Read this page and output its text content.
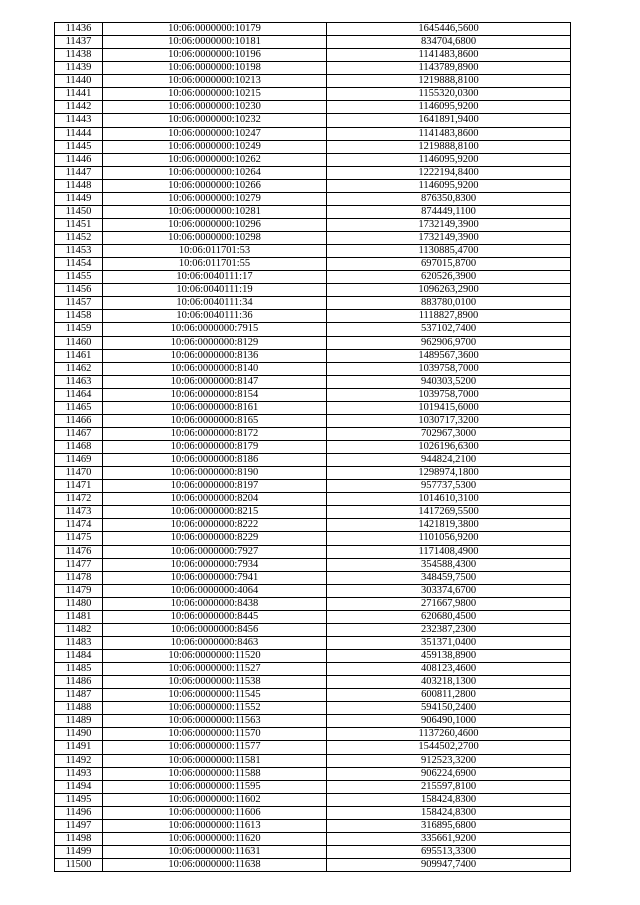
11436	10:06:0000000:10179	1645446,5600
11437	10:06:0000000:10181	834704,6800
11438	10:06:0000000:10196	1141483,8600
11439	10:06:0000000:10198	1143789,8900
11440	10:06:0000000:10213	1219888,8100
11441	10:06:0000000:10215	1155320,0300
11442	10:06:0000000:10230	1146095,9200
11443	10:06:0000000:10232	1641891,9400
11444	10:06:0000000:10247	1141483,8600
11445	10:06:0000000:10249	1219888,8100
11446	10:06:0000000:10262	1146095,9200
11447	10:06:0000000:10264	1222194,8400
11448	10:06:0000000:10266	1146095,9200
11449	10:06:0000000:10279	876350,8300
11450	10:06:0000000:10281	874449,1100
11451	10:06:0000000:10296	1732149,3900
11452	10:06:0000000:10298	1732149,3900
11453	10:06:011701:53	1130885,4700
11454	10:06:011701:55	697015,8700
11455	10:06:0040111:17	620526,3900
11456	10:06:0040111:19	1096263,2900
11457	10:06:0040111:34	883780,0100
11458	10:06:0040111:36	1118827,8900
11459	10:06:0000000:7915	537102,7400
11460	10:06:0000000:8129	962906,9700
11461	10:06:0000000:8136	1489567,3600
11462	10:06:0000000:8140	1039758,7000
11463	10:06:0000000:8147	940303,5200
11464	10:06:0000000:8154	1039758,7000
11465	10:06:0000000:8161	1019415,6000
11466	10:06:0000000:8165	1030717,3200
11467	10:06:0000000:8172	702967,3000
11468	10:06:0000000:8179	1026196,6300
11469	10:06:0000000:8186	944824,2100
11470	10:06:0000000:8190	1298974,1800
11471	10:06:0000000:8197	957737,5300
11472	10:06:0000000:8204	1014610,3100
11473	10:06:0000000:8215	1417269,5500
11474	10:06:0000000:8222	1421819,3800
11475	10:06:0000000:8229	1101056,9200
11476	10:06:0000000:7927	1171408,4900
11477	10:06:0000000:7934	354588,4300
11478	10:06:0000000:7941	348459,7500
11479	10:06:0000000:4064	303374,6700
11480	10:06:0000000:8438	271667,9800
11481	10:06:0000000:8445	620680,4500
11482	10:06:0000000:8456	232387,2300
11483	10:06:0000000:8463	351371,0400
11484	10:06:0000000:11520	459138,8900
11485	10:06:0000000:11527	408123,4600
11486	10:06:0000000:11538	403218,1300
11487	10:06:0000000:11545	600811,2800
11488	10:06:0000000:11552	594150,2400
11489	10:06:0000000:11563	906490,1000
11490	10:06:0000000:11570	1137260,4600
11491	10:06:0000000:11577	1544502,2700
11492	10:06:0000000:11581	912523,3200
11493	10:06:0000000:11588	906224,6900
11494	10:06:0000000:11595	215597,8100
11495	10:06:0000000:11602	158424,8300
11496	10:06:0000000:11606	158424,8300
11497	10:06:0000000:11613	316895,6800
11498	10:06:0000000:11620	335661,9200
11499	10:06:0000000:11631	695513,3300
11500	10:06:0000000:11638	909947,7400
